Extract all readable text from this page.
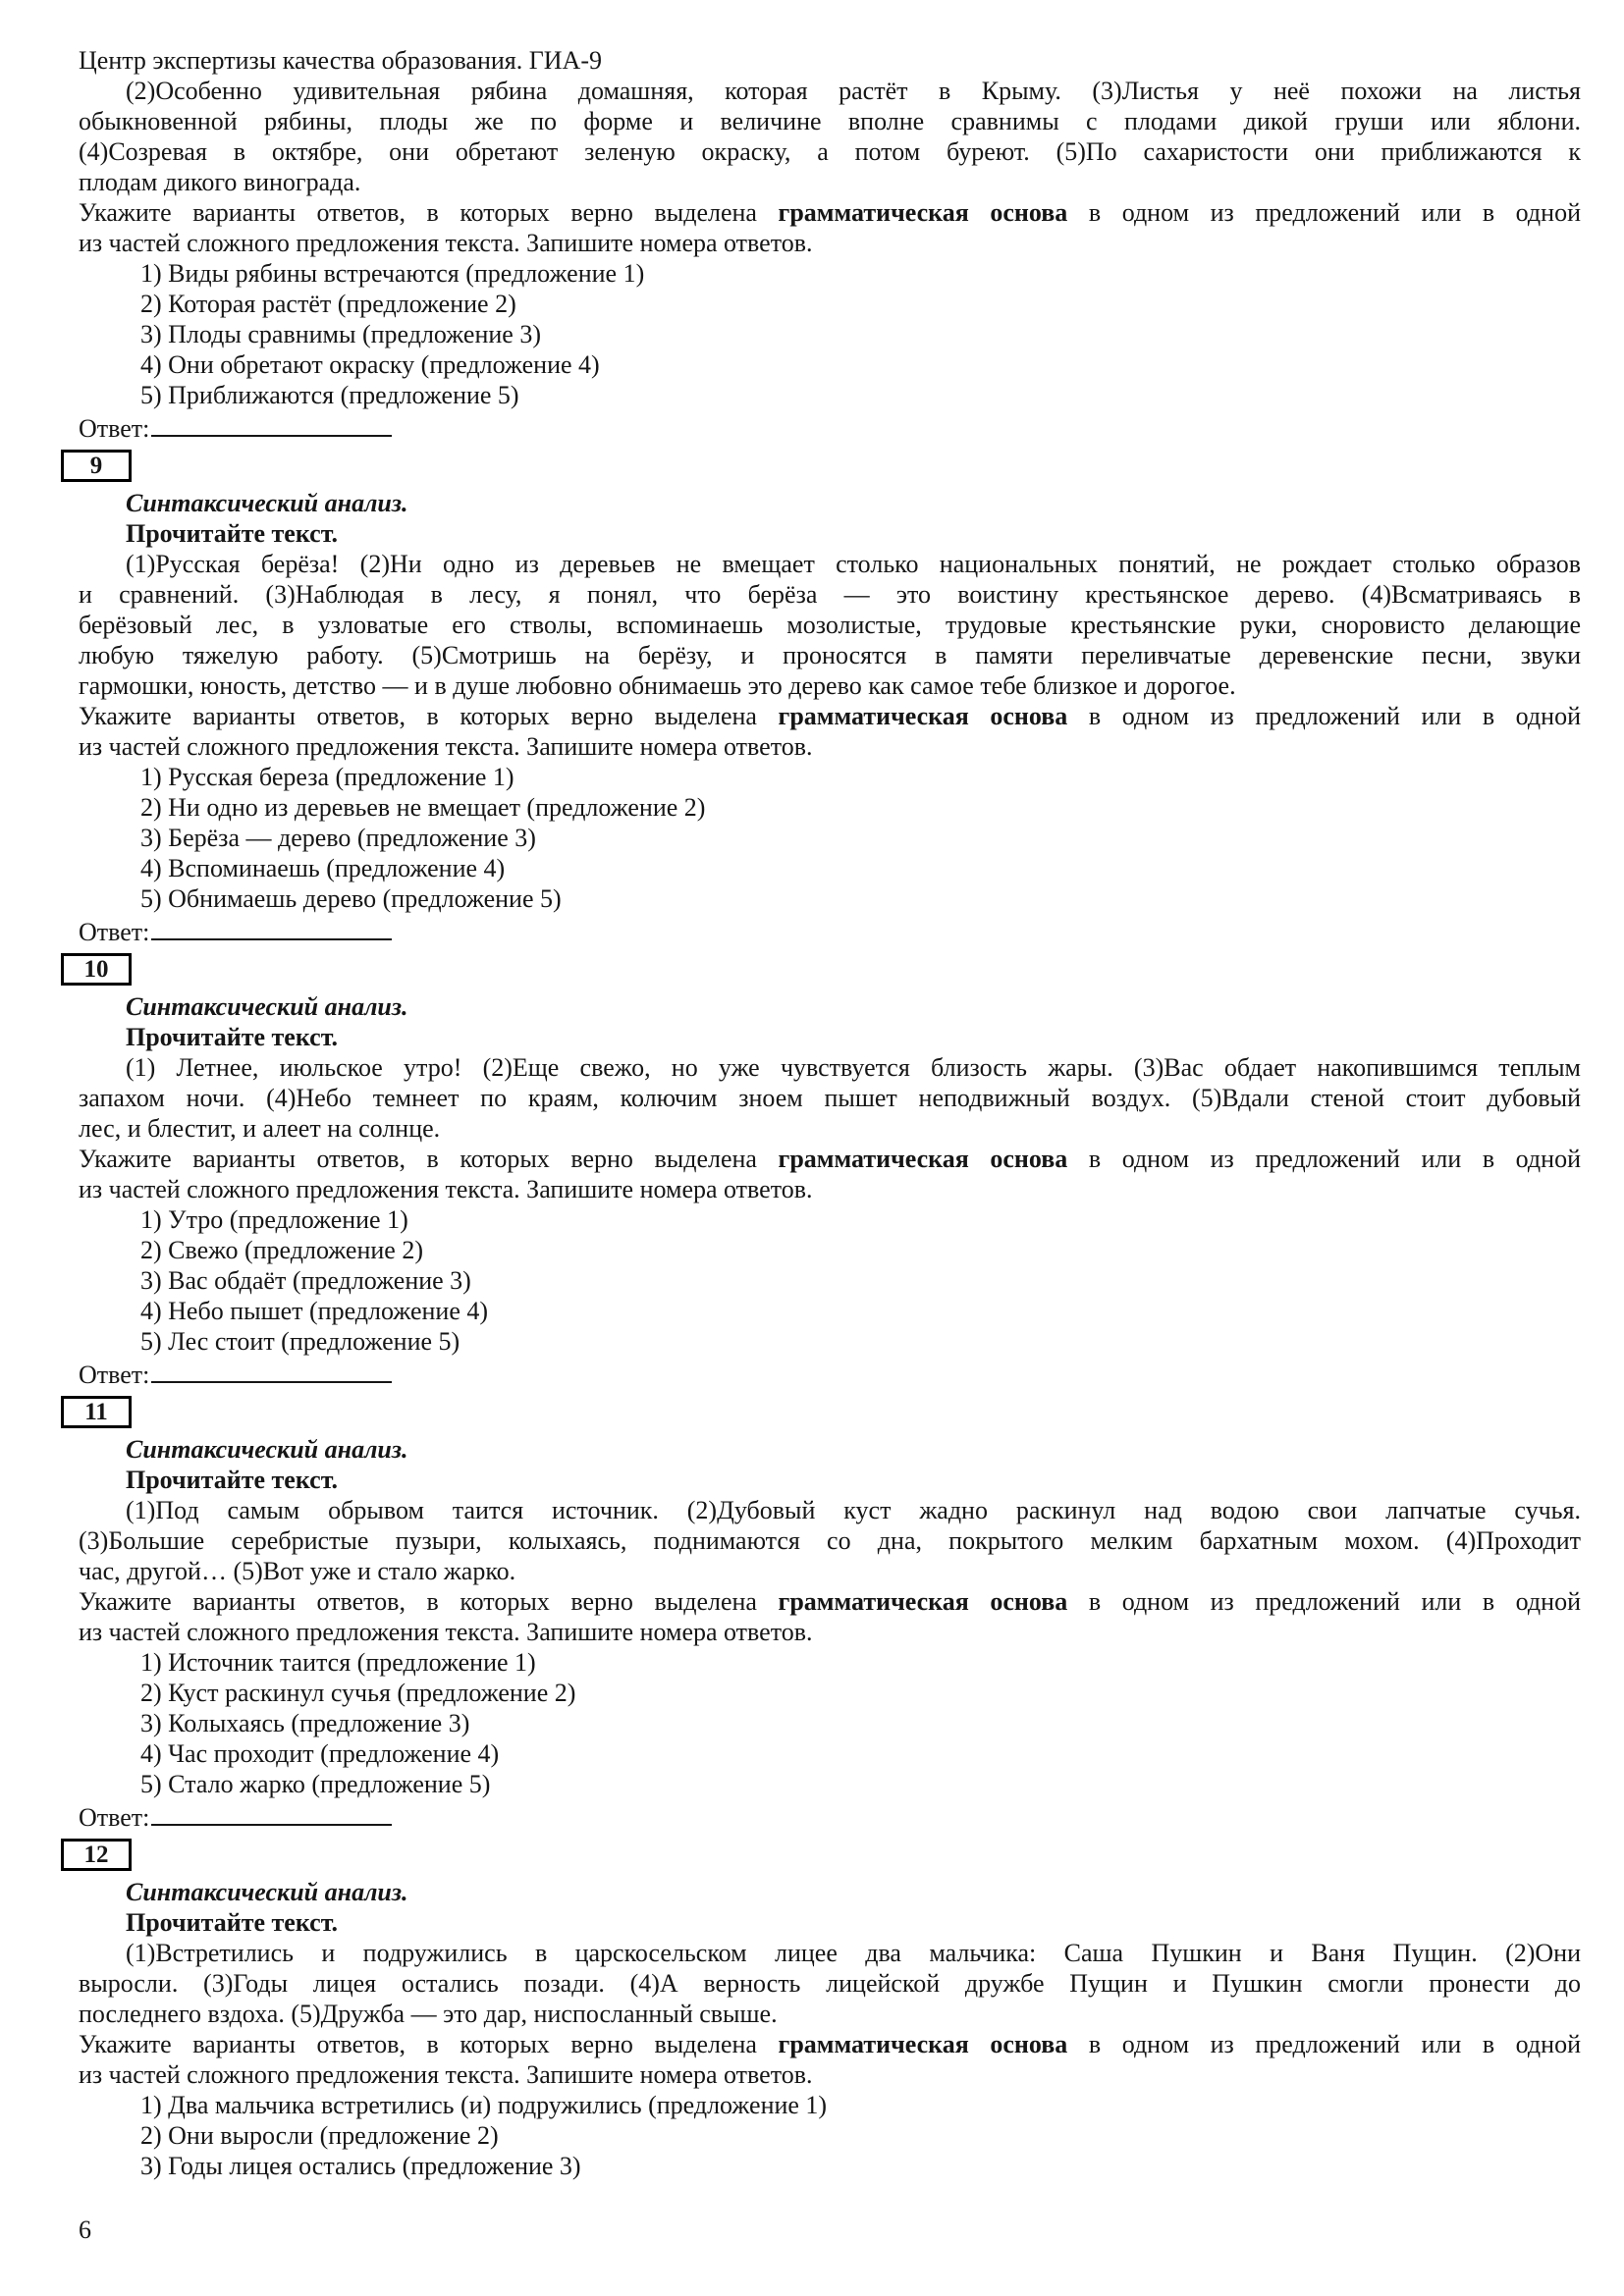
Центр экспертизы качества образования. ГИА-9
(2)Особенно удивительная рябина домашняя, которая растёт в Крыму. (3)Листья у неё похожи на листья
обыкновенной рябины, плоды же по форме и величине вполне сравнимы с плодами дикой груши или яблони.
(4)Созревая в октябре, они обретают зеленую окраску, а потом буреют. (5)По сахаристости они приближаются к
плодам дикого винограда.
Укажите варианты ответов, в которых верно выделена грамматическая основа в одном из предложений или в одной
из частей сложного предложения текста. Запишите номера ответов.
1) Виды рябины встречаются (предложение 1)
2) Которая растёт (предложение 2)
3) Плоды сравнимы (предложение 3)
4) Они обретают окраску (предложение 4)
5) Приближаются (предложение 5)
Ответ:
9
Синтаксический анализ.
Прочитайте текст.
(1)Русская берёза! (2)Ни одно из деревьев не вмещает столько национальных понятий, не рождает столько образов
и сравнений. (3)Наблюдая в лесу, я понял, что берёза — это воистину крестьянское дерево. (4)Всматриваясь в
берёзовый лес, в узловатые его стволы, вспоминаешь мозолистые, трудовые крестьянские руки, сноровисто делающие
любую тяжелую работу. (5)Смотришь на берёзу, и проносятся в памяти переливчатые деревенские песни, звуки
гармошки, юность, детство — и в душе любовно обнимаешь это дерево как самое тебе близкое и дорогое.
Укажите варианты ответов, в которых верно выделена грамматическая основа в одном из предложений или в одной
из частей сложного предложения текста. Запишите номера ответов.
1) Русская береза (предложение 1)
2) Ни одно из деревьев не вмещает (предложение 2)
3) Берёза — дерево (предложение 3)
4) Вспоминаешь (предложение 4)
5) Обнимаешь дерево (предложение 5)
Ответ:
10
Синтаксический анализ.
Прочитайте текст.
(1) Летнее, июльское утро! (2)Еще свежо, но уже чувствуется близость жары. (3)Вас обдает накопившимся теплым
запахом ночи. (4)Небо темнеет по краям, колючим зноем пышет неподвижный воздух. (5)Вдали стеной стоит дубовый
лес, и блестит, и алеет на солнце.
Укажите варианты ответов, в которых верно выделена грамматическая основа в одном из предложений или в одной
из частей сложного предложения текста. Запишите номера ответов.
1) Утро (предложение 1)
2) Свежо (предложение 2)
3) Вас обдаёт (предложение 3)
4) Небо пышет (предложение 4)
5) Лес стоит (предложение 5)
Ответ:
11
Синтаксический анализ.
Прочитайте текст.
(1)Под самым обрывом таится источник. (2)Дубовый куст жадно раскинул над водою свои лапчатые сучья.
(3)Большие серебристые пузыри, колыхаясь, поднимаются со дна, покрытого мелким бархатным мохом. (4)Проходит
час, другой… (5)Вот уже и стало жарко.
Укажите варианты ответов, в которых верно выделена грамматическая основа в одном из предложений или в одной
из частей сложного предложения текста. Запишите номера ответов.
1) Источник таится (предложение 1)
2) Куст раскинул сучья (предложение 2)
3) Колыхаясь (предложение 3)
4) Час проходит (предложение 4)
5) Стало жарко (предложение 5)
Ответ:
12
Синтаксический анализ.
Прочитайте текст.
(1)Встретились и подружились в царскосельском лицее два мальчика: Саша Пушкин и Ваня Пущин. (2)Они
выросли. (3)Годы лицея остались позади. (4)А верность лицейской дружбе Пущин и Пушкин смогли пронести до
последнего вздоха. (5)Дружба — это дар, ниспосланный свыше.
Укажите варианты ответов, в которых верно выделена грамматическая основа в одном из предложений или в одной
из частей сложного предложения текста. Запишите номера ответов.
1) Два мальчика встретились (и) подружились (предложение 1)
2) Они выросли (предложение 2)
3) Годы лицея остались (предложение 3)
6
